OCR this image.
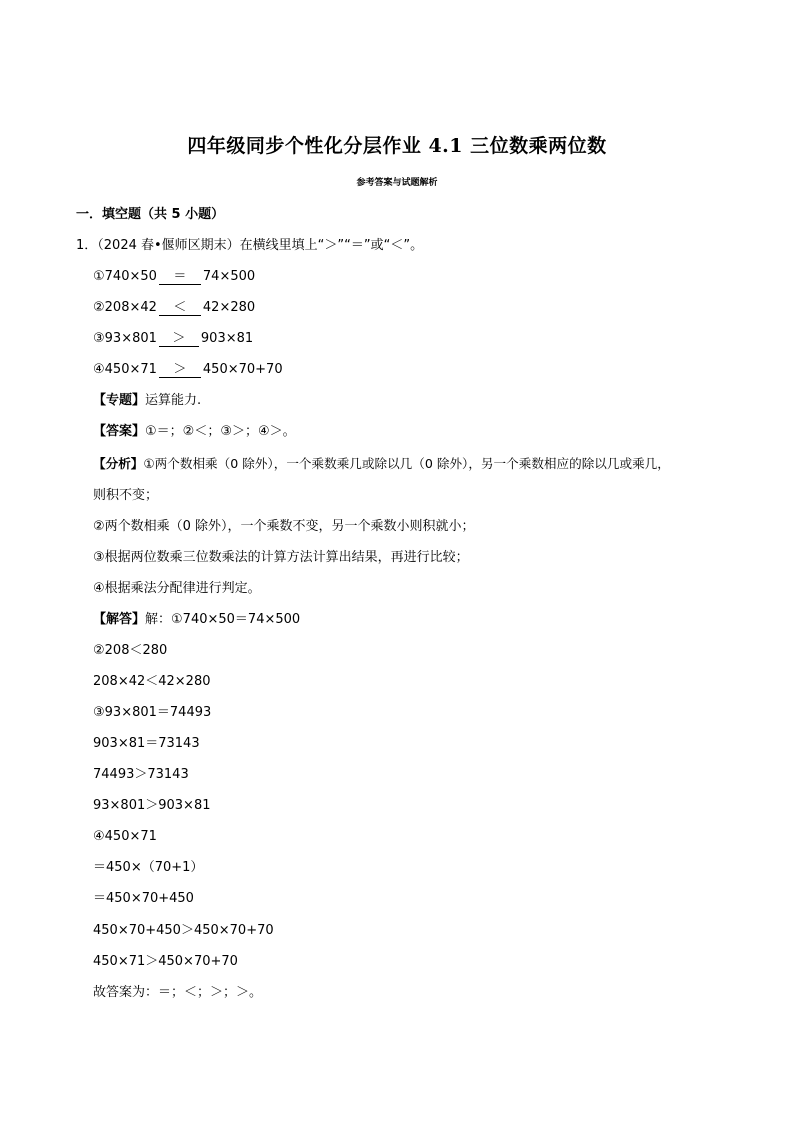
四年级同步个性化分层作业 4.1 三位数乘两位数
参考答案与试题解析
一．填空题（共 5 小题）
1．（2024 春•偃师区期末）在横线里填上“＞”“＝”或“＜”。
①740×50 ＝ 74×500
②208×42 ＜ 42×280
③93×801 ＞ 903×81
④450×71 ＞ 450×70+70
【专题】运算能力.
【答案】①＝；②＜；③＞；④＞。
【分析】①两个数相乘（0 除外），一个乘数乘几或除以几（0 除外），另一个乘数相应的除以几或乘几，
则积不变；
②两个数相乘（0 除外），一个乘数不变，另一个乘数小则积就小；
③根据两位数乘三位数乘法的计算方法计算出结果，再进行比较；
④根据乘法分配律进行判定。
【解答】解：①740×50＝74×500
②208＜280
208×42＜42×280
③93×801＝74493
903×81＝73143
74493＞73143
93×801＞903×81
④450×71
＝450×（70+1）
＝450×70+450
450×70+450＞450×70+70
450×71＞450×70+70
故答案为：＝；＜；＞；＞。
